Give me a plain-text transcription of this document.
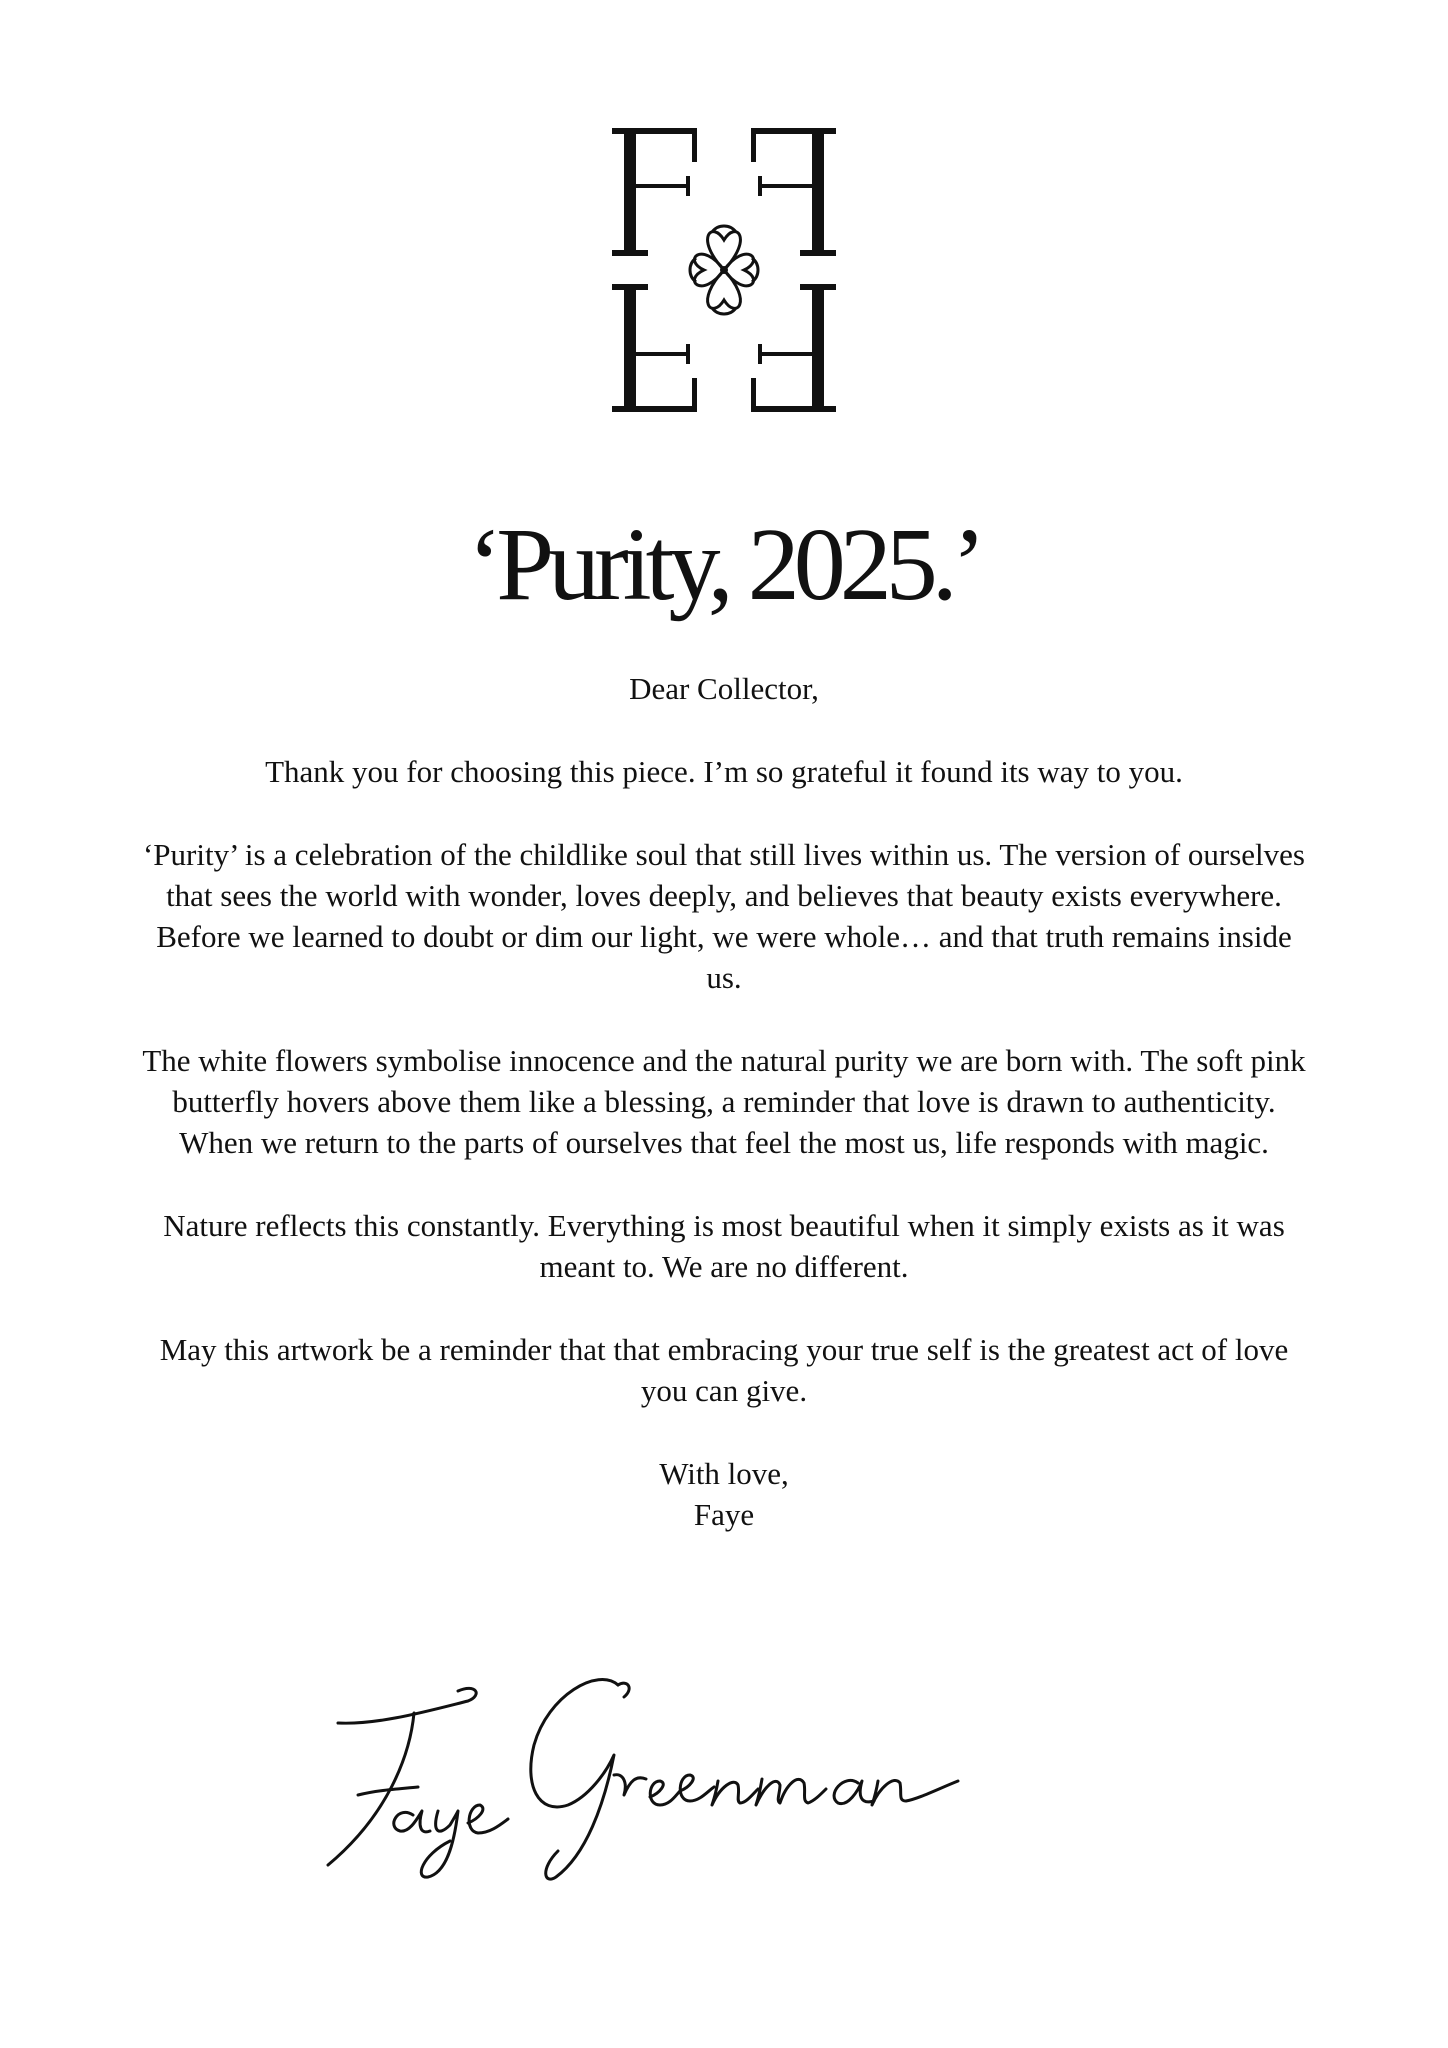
‘Purity, 2025.’

Dear Collector,

Thank you for choosing this piece. I’m so grateful it found its way to you.

‘Purity’ is a celebration of the childlike soul that still lives within us. The version of ourselves that sees the world with wonder, loves deeply, and believes that beauty exists everywhere. Before we learned to doubt or dim our light, we were whole… and that truth remains inside us.

The white flowers symbolise innocence and the natural purity we are born with. The soft pink butterfly hovers above them like a blessing, a reminder that love is drawn to authenticity. When we return to the parts of ourselves that feel the most us, life responds with magic.

Nature reflects this constantly. Everything is most beautiful when it simply exists as it was meant to. We are no different.

May this artwork be a reminder that that embracing your true self is the greatest act of love you can give.

With love,
Faye
